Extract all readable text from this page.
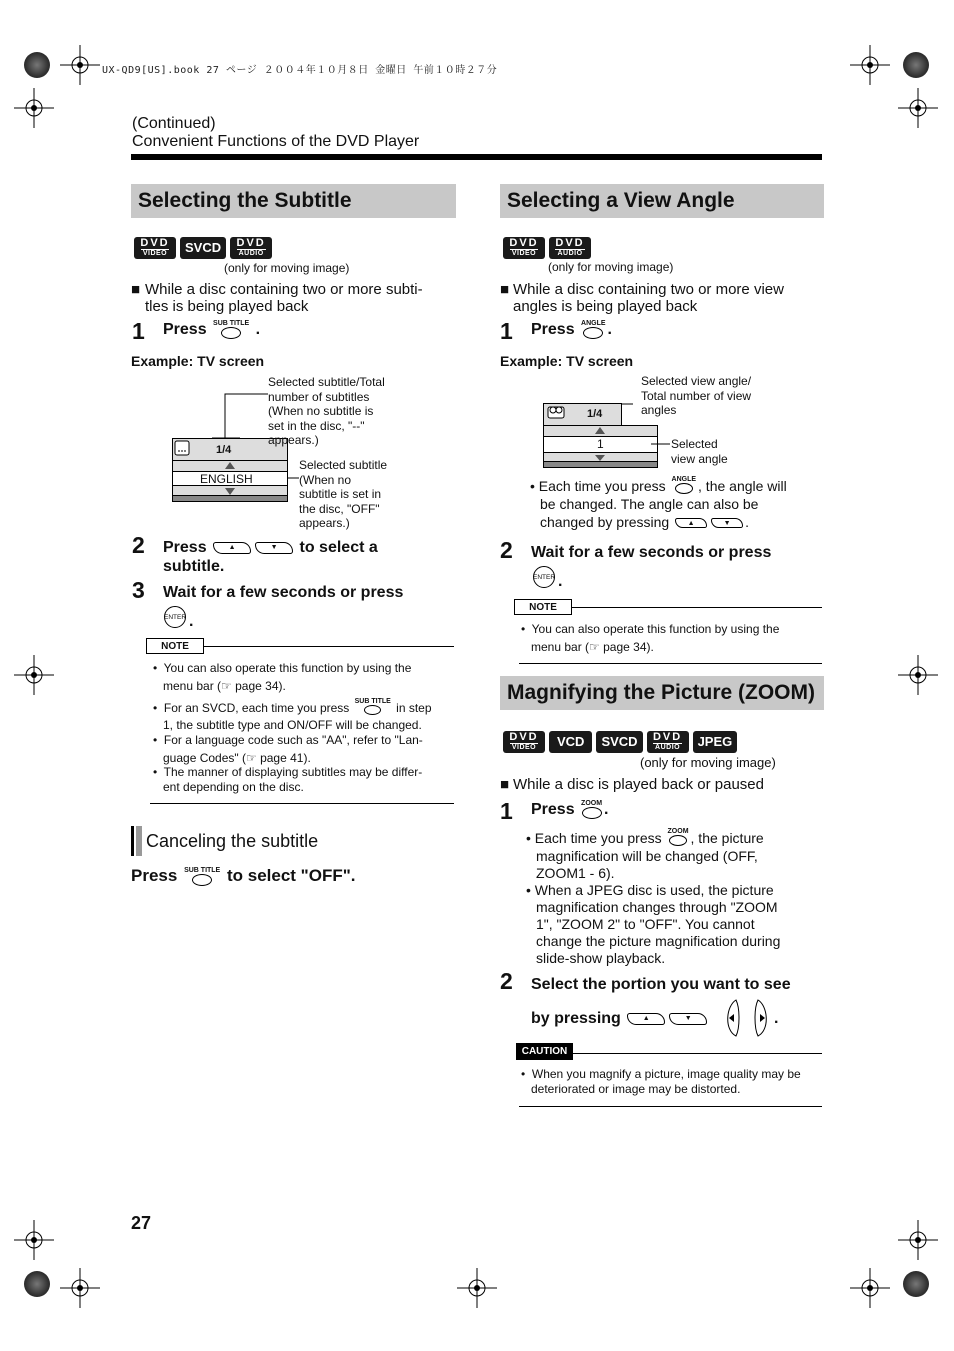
UX-QD9[US].book 27 ページ ２００４年１０月８日 金曜日 午前１０時２７分
(Continued)
Convenient Functions of the DVD Player
Selecting the Subtitle
DVD
VIDEO SVCD DVD
AUDIO
(only for moving image)
■ While a disc containing two or more subti-
tles is being played back
1 Press SUB TITLE .
Example: TV screen
1/4
ENGLISH
Selected subtitle/Total
number of subtitles
(When no subtitle is
set in the disc, "--"
appears.)
Selected subtitle
(When no
subtitle is set in
the disc, "OFF"
appears.)
2 Press	▲	▼ to select a
subtitle.
3 Wait for a few seconds or press
ENTER .
NOTE
• You can also operate this function by using the
menu bar (☞ page 34).
• For an SVCD, each time you press SUB TITLE in step
1, the subtitle type and ON/OFF will be changed.
• For a language code such as "AA", refer to "Lan-
guage Codes" (☞ page 41).
• The manner of displaying subtitles may be differ-
ent depending on the disc.
Canceling the subtitle
Press SUB TITLE to select "OFF".
Selecting a View Angle
DVD
VIDEO
DVD
AUDIO
(only for moving image)
■ While a disc containing two or more view
angles is being played back
1 Press ANGLE .
Example: TV screen
1/4
1
Selected view angle/
Total number of view
angles
Selected
view angle
• Each time you press ANGLE , the angle will
be changed. The angle can also be
changed by pressing	▲	▼ .
2 Wait for a few seconds or press
ENTER .
NOTE
• You can also operate this function by using the
menu bar (☞ page 34).
Magnifying the Picture (ZOOM)
DVD
VIDEO VCD SVCD DVD
AUDIO JPEG
(only for moving image)
■ While a disc is played back or paused
1 Press ZOOM .
• Each time you press ZOOM , the picture
magnification will be changed (OFF,
ZOOM1 - 6).
• When a JPEG disc is used, the picture
magnification changes through "ZOOM
1", "ZOOM 2" to "OFF". You cannot
change the picture magnification during
slide-show playback.
2 Select the portion you want to see
by pressing	▲	▼	.
CAUTION
• When you magnify a picture, image quality may be
deteriorated or image may be distorted.
27
